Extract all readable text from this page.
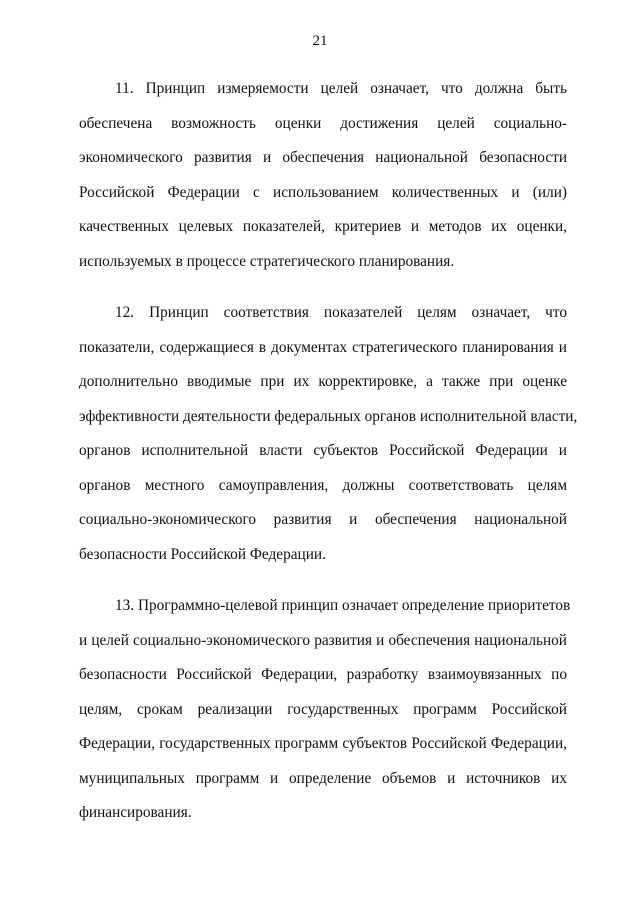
21

11. Принцип измеряемости целей означает, что должна быть
обеспечена возможность оценки достижения целей социально-
экономического развития и обеспечения национальной безопасности
Российской Федерации с использованием количественных и (или)
качественных целевых показателей, критериев и методов их оценки,
используемых в процессе стратегического планирования.

12. Принцип соответствия показателей целям означает, что
показатели, содержащиеся в документах стратегического планирования и
дополнительно вводимые при их корректировке, а также при оценке
эффективности деятельности федеральных органов исполнительной власти,
органов исполнительной власти субъектов Российской Федерации и
органов местного самоуправления, должны соответствовать целям
социально-экономического развития и обеспечения национальной
безопасности Российской Федерации.

13. Программно-целевой принцип означает определение приоритетов
и целей социально-экономического развития и обеспечения национальной
безопасности Российской Федерации, разработку взаимоувязанных по
целям, срокам реализации государственных программ Российской
Федерации, государственных программ субъектов Российской Федерации,
муниципальных программ и определение объемов и источников их
финансирования.
